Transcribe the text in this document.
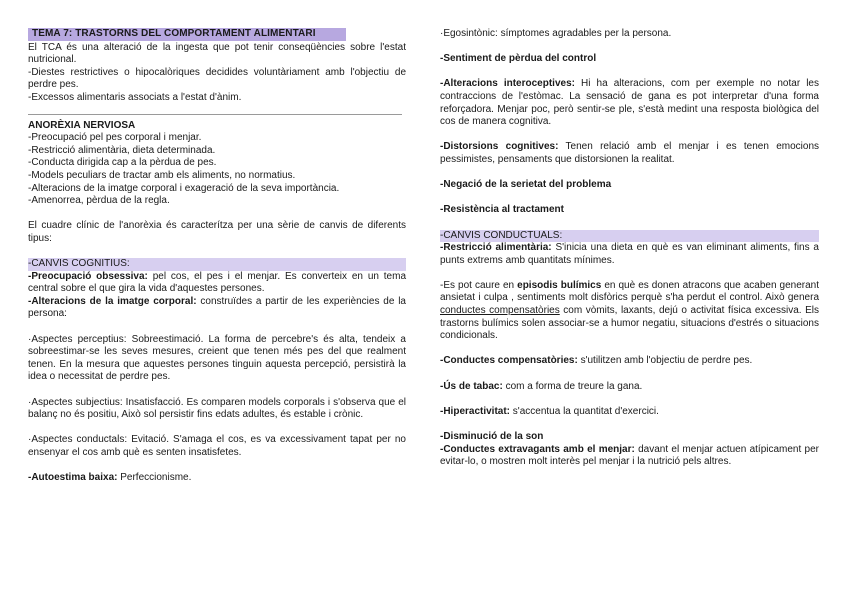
TEMA 7: TRASTORNS DEL COMPORTAMENT ALIMENTARI
El TCA és una alteració de la ingesta que pot tenir conseqüències sobre l'estat nutricional.
-Diestes restrictives o hipocalòriques decidides voluntàriament amb l'objectiu de perdre pes.
-Excessos alimentaris associats a l'estat d'ànim.
ANORÈXIA NERVIOSA
-Preocupació pel pes corporal i menjar.
-Restricció alimentària, dieta determinada.
-Conducta dirigida cap a la pèrdua de pes.
-Models peculiars de tractar amb els aliments, no normatius.
-Alteracions de la imatge corporal i exageració de la seva importància.
-Amenorrea, pèrdua de la regla.
El cuadre clínic de l'anorèxia és caracterítza per una sèrie de canvis de diferents tipus:
-CANVIS COGNITIUS:
-Preocupació obsessiva: pel cos, el pes i el menjar. Es converteix en un tema central sobre el que gira la vida d'aquestes persones.
-Alteracions de la imatge corporal: construïdes a partir de les experiències de la persona:
·Aspectes perceptius: Sobreestimació. La forma de percebre's és alta, tendeix a sobreestimar-se les seves mesures, creient que tenen més pes del que realment tenen. En la mesura que aquestes persones tinguin aquesta percepció, persistirà la idea o necessitat de perdre pes.
·Aspectes subjectius: Insatisfacció. Es comparen models corporals i s'observa que el balanç no és positiu, Això sol persistir fins edats adultes, és estable i crònic.
·Aspectes conductals: Evitació. S'amaga el cos, es va excessivament tapat per no ensenyar el cos amb què es senten insatisfetes.
-Autoestima baixa: Perfeccionisme.
·Egosintònic: símptomes agradables per la persona.
-Sentiment de pèrdua del control
-Alteracions interoceptives: Hi ha alteracions, com per exemple no notar les contraccions de l'estòmac. La sensació de gana es pot interpretar d'una forma reforçadora. Menjar poc, però sentir-se ple, s'està medint una resposta biològica del cos de manera cognitiva.
-Distorsions cognitives: Tenen relació amb el menjar i es tenen emocions pessimistes, pensaments que distorsionen la realitat.
-Negació de la serietat del problema
-Resistència al tractament
-CANVIS CONDUCTUALS:
-Restricció alimentària: S'inicia una dieta en què es van eliminant aliments, fins a punts extrems amb quantitats mínimes.
-Es pot caure en episodis bulímics en què es donen atracons que acaben generant ansietat i culpa , sentiments molt disfòrics perquè s'ha perdut el control. Això genera conductes compensatòries com vòmits, laxants, dejú o activitat física excessiva. Els trastorns bulímics solen associar-se a humor negatiu, situacions d'estrés o situacions condicionals.
-Conductes compensatòries: s'utilitzen amb l'objectiu de perdre pes.
-Ús de tabac: com a forma de treure la gana.
-Hiperactivitat: s'accentua la quantitat d'exercici.
-Disminució de la son
-Conductes extravagants amb el menjar: davant el menjar actuen atípicament per evitar-lo, o mostren molt interès pel menjar i la nutrició pels altres.
